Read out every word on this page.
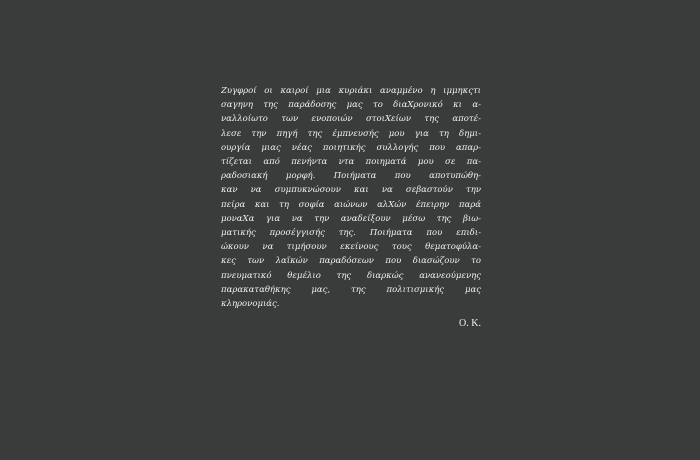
Ζυγφροί οι καιροί μια κυριάκι αναμμένο η ιμμηκςτι
σαγηνη της παράδοσης μας το διαΧρονικό κι α-
ναλλοίωτο των ενοποιών στοιΧείων της αποτέ-
λεσε την πηγή της έμπνευσής μου για τη δημι-
ουργία μιας νέας ποιητικής συλλογής που απαρ-
τίζεται από πενήντα ντα ποιηματά μου σε πα-
ραδοσιακή μορφή. Ποιήματα που αποτυπώθη-
καν να συμπυκνώσουν και να σεβαστούν την
πείρα και τη σοφία αιώνων αλΧών έπειρην παρά
μοναΧα για να την αναδείξουν μέσω της βιω-
ματικής προσέγγισής της. Ποιήματα που επιδι-
ώκουν να τιμήσουν εκείνους τους θεματοφύλα-
κες των λαϊκών παραδόσεων που διασώζουν το
πνευματικό θεμέλιο της διαρκώς ανανεούμενης
παρακαταθήκης μας, της πολιτισμικής μας
κληρονομιάς.
Ο. Κ.
